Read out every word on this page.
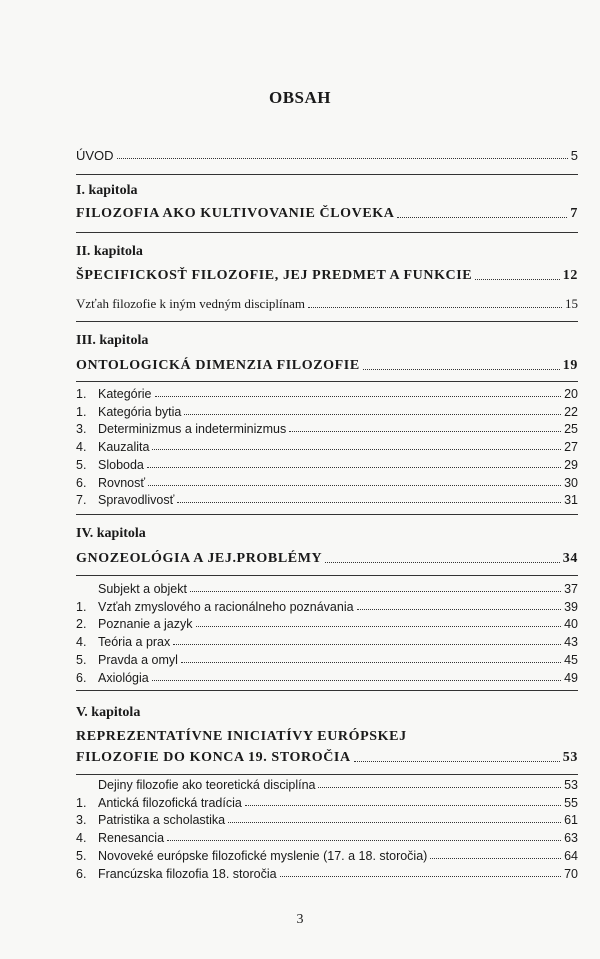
OBSAH
ÚVOD	5
I. kapitola
FILOZOFIA AKO KULTIVOVANIE ČLOVEKA	7
II. kapitola
ŠPECIFICKOSŤ FILOZOFIE, JEJ PREDMET A FUNKCIE	12
Vzťah filozofie k iným vedným disciplínam	15
III. kapitola
ONTOLOGICKÁ DIMENZIA FILOZOFIE	19
1. Kategórie	20
1. Kategória bytia	22
3. Determinizmus a indeterminizmus	25
4. Kauzalita	27
5. Sloboda	29
6. Rovnosť	30
7. Spravodlivosť	31
IV. kapitola
GNOZEOLÓGIA A JEJ.PROBLÉMY	34
Subjekt a objekt	37
1. Vzťah zmyslového a racionálneho poznávania	39
2. Poznanie a jazyk	40
4. Teória a prax	43
5. Pravda a omyl	45
6. Axiológia	49
V. kapitola
REPREZENTATÍVNE INICIATÍVY EURÓPSKEJ
FILOZOFIE DO KONCA 19. STOROČIA	53
Dejiny filozofie ako teoretická disciplína	53
1. Antická filozofická tradícia	55
3. Patristika a scholastika	61
4. Renesancia	63
5. Novoveké európske filozofické myslenie (17. a 18. storočia)	64
6. Francúzska filozofia 18. storočia	70
3
